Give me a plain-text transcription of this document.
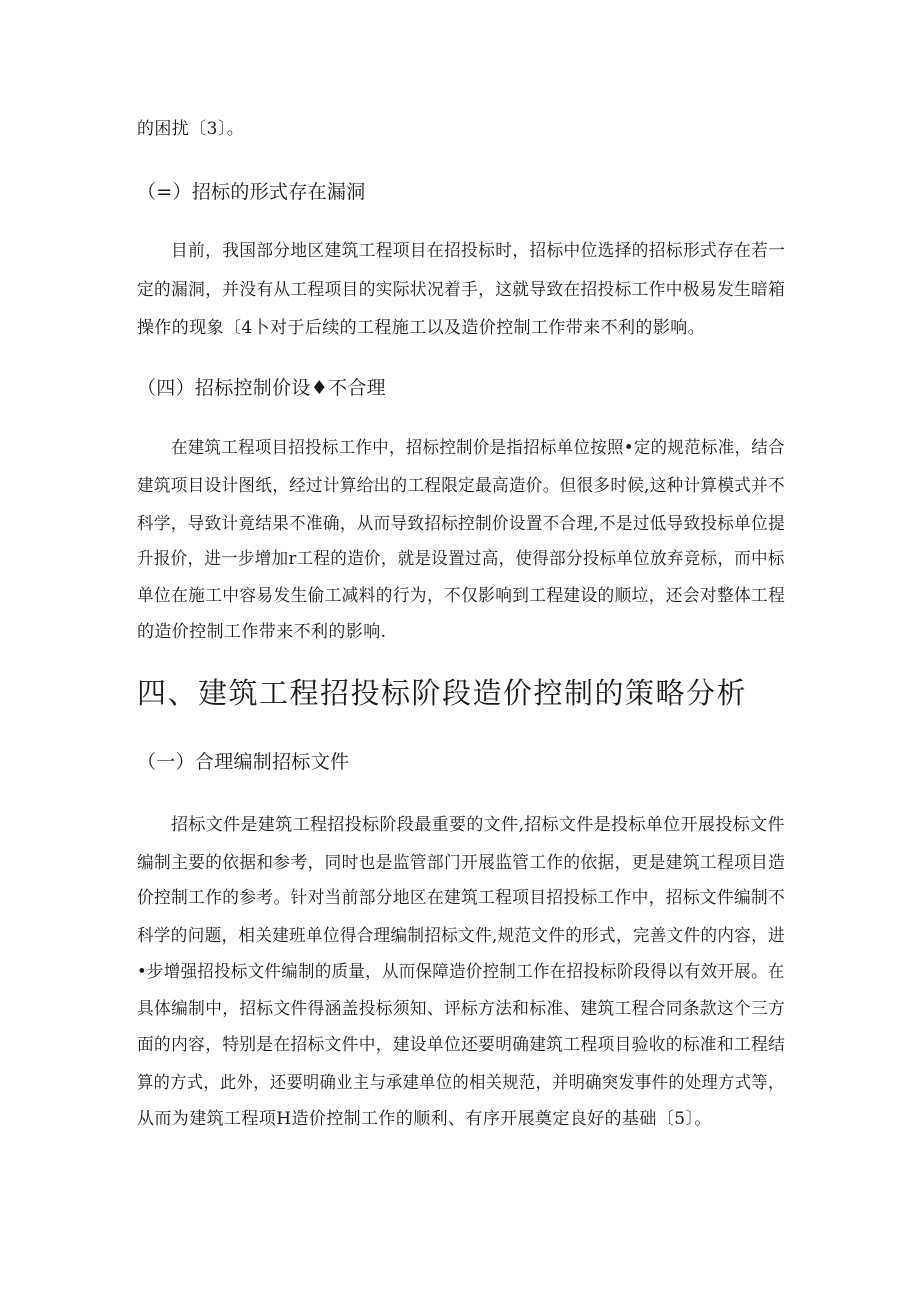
的困扰〔3〕。
（=）招标的形式存在漏洞
目前，我国部分地区建筑工程项目在招投标时，招标中位选择的招标形式存在若一
定的漏洞，并没有从工程项目的实际状况着手，这就导致在招投标工作中极易发生暗箱
操作的现象〔4卜对于后续的工程施工以及造价控制工作带来不利的影响。
（四）招标控制价设♦不合理
在建筑工程项目招投标工作中，招标控制价是指招标单位按照•定的规范标准，结合
建筑项目设计图纸，经过计算给出的工程限定最高造价。但很多时候,这种计算模式并不
科学，导致计竟结果不准确，从而导致招标控制价设置不合理,不是过低导致投标单位提
升报价，进一步增加r工程的造价，就是设置过高，使得部分投标单位放弃竞标，而中标
单位在施工中容易发生偷工减料的行为，不仅影响到工程建设的顺垃，还会对整体工程
的造价控制工作带来不利的影响.
四、建筑工程招投标阶段造价控制的策略分析
（一）合理编制招标文件
招标文件是建筑工程招投标阶段最重要的文件,招标文件是投标单位开展投标文件
编制主要的依据和参考，同时也是监管部门开展监管工作的依据，更是建筑工程项目造
价控制工作的参考。针对当前部分地区在建筑工程项目招投标工作中，招标文件编制不
科学的问题，相关建班单位得合理编制招标文件,规范文件的形式，完善文件的内容，进
•步增强招投标文件编制的质量，从而保障造价控制工作在招投标阶段得以有效开展。在
具体编制中，招标文件得涵盖投标须知、评标方法和标准、建筑工程合同条款这个三方
面的内容，特别是在招标文件中，建设单位还要明确建筑工程项目验收的标准和工程结
算的方式，此外，还要明确业主与承建单位的相关规范，并明确突发事件的处理方式等，
从而为建筑工程项H造价控制工作的顺利、有序开展奠定良好的基础〔5〕。
